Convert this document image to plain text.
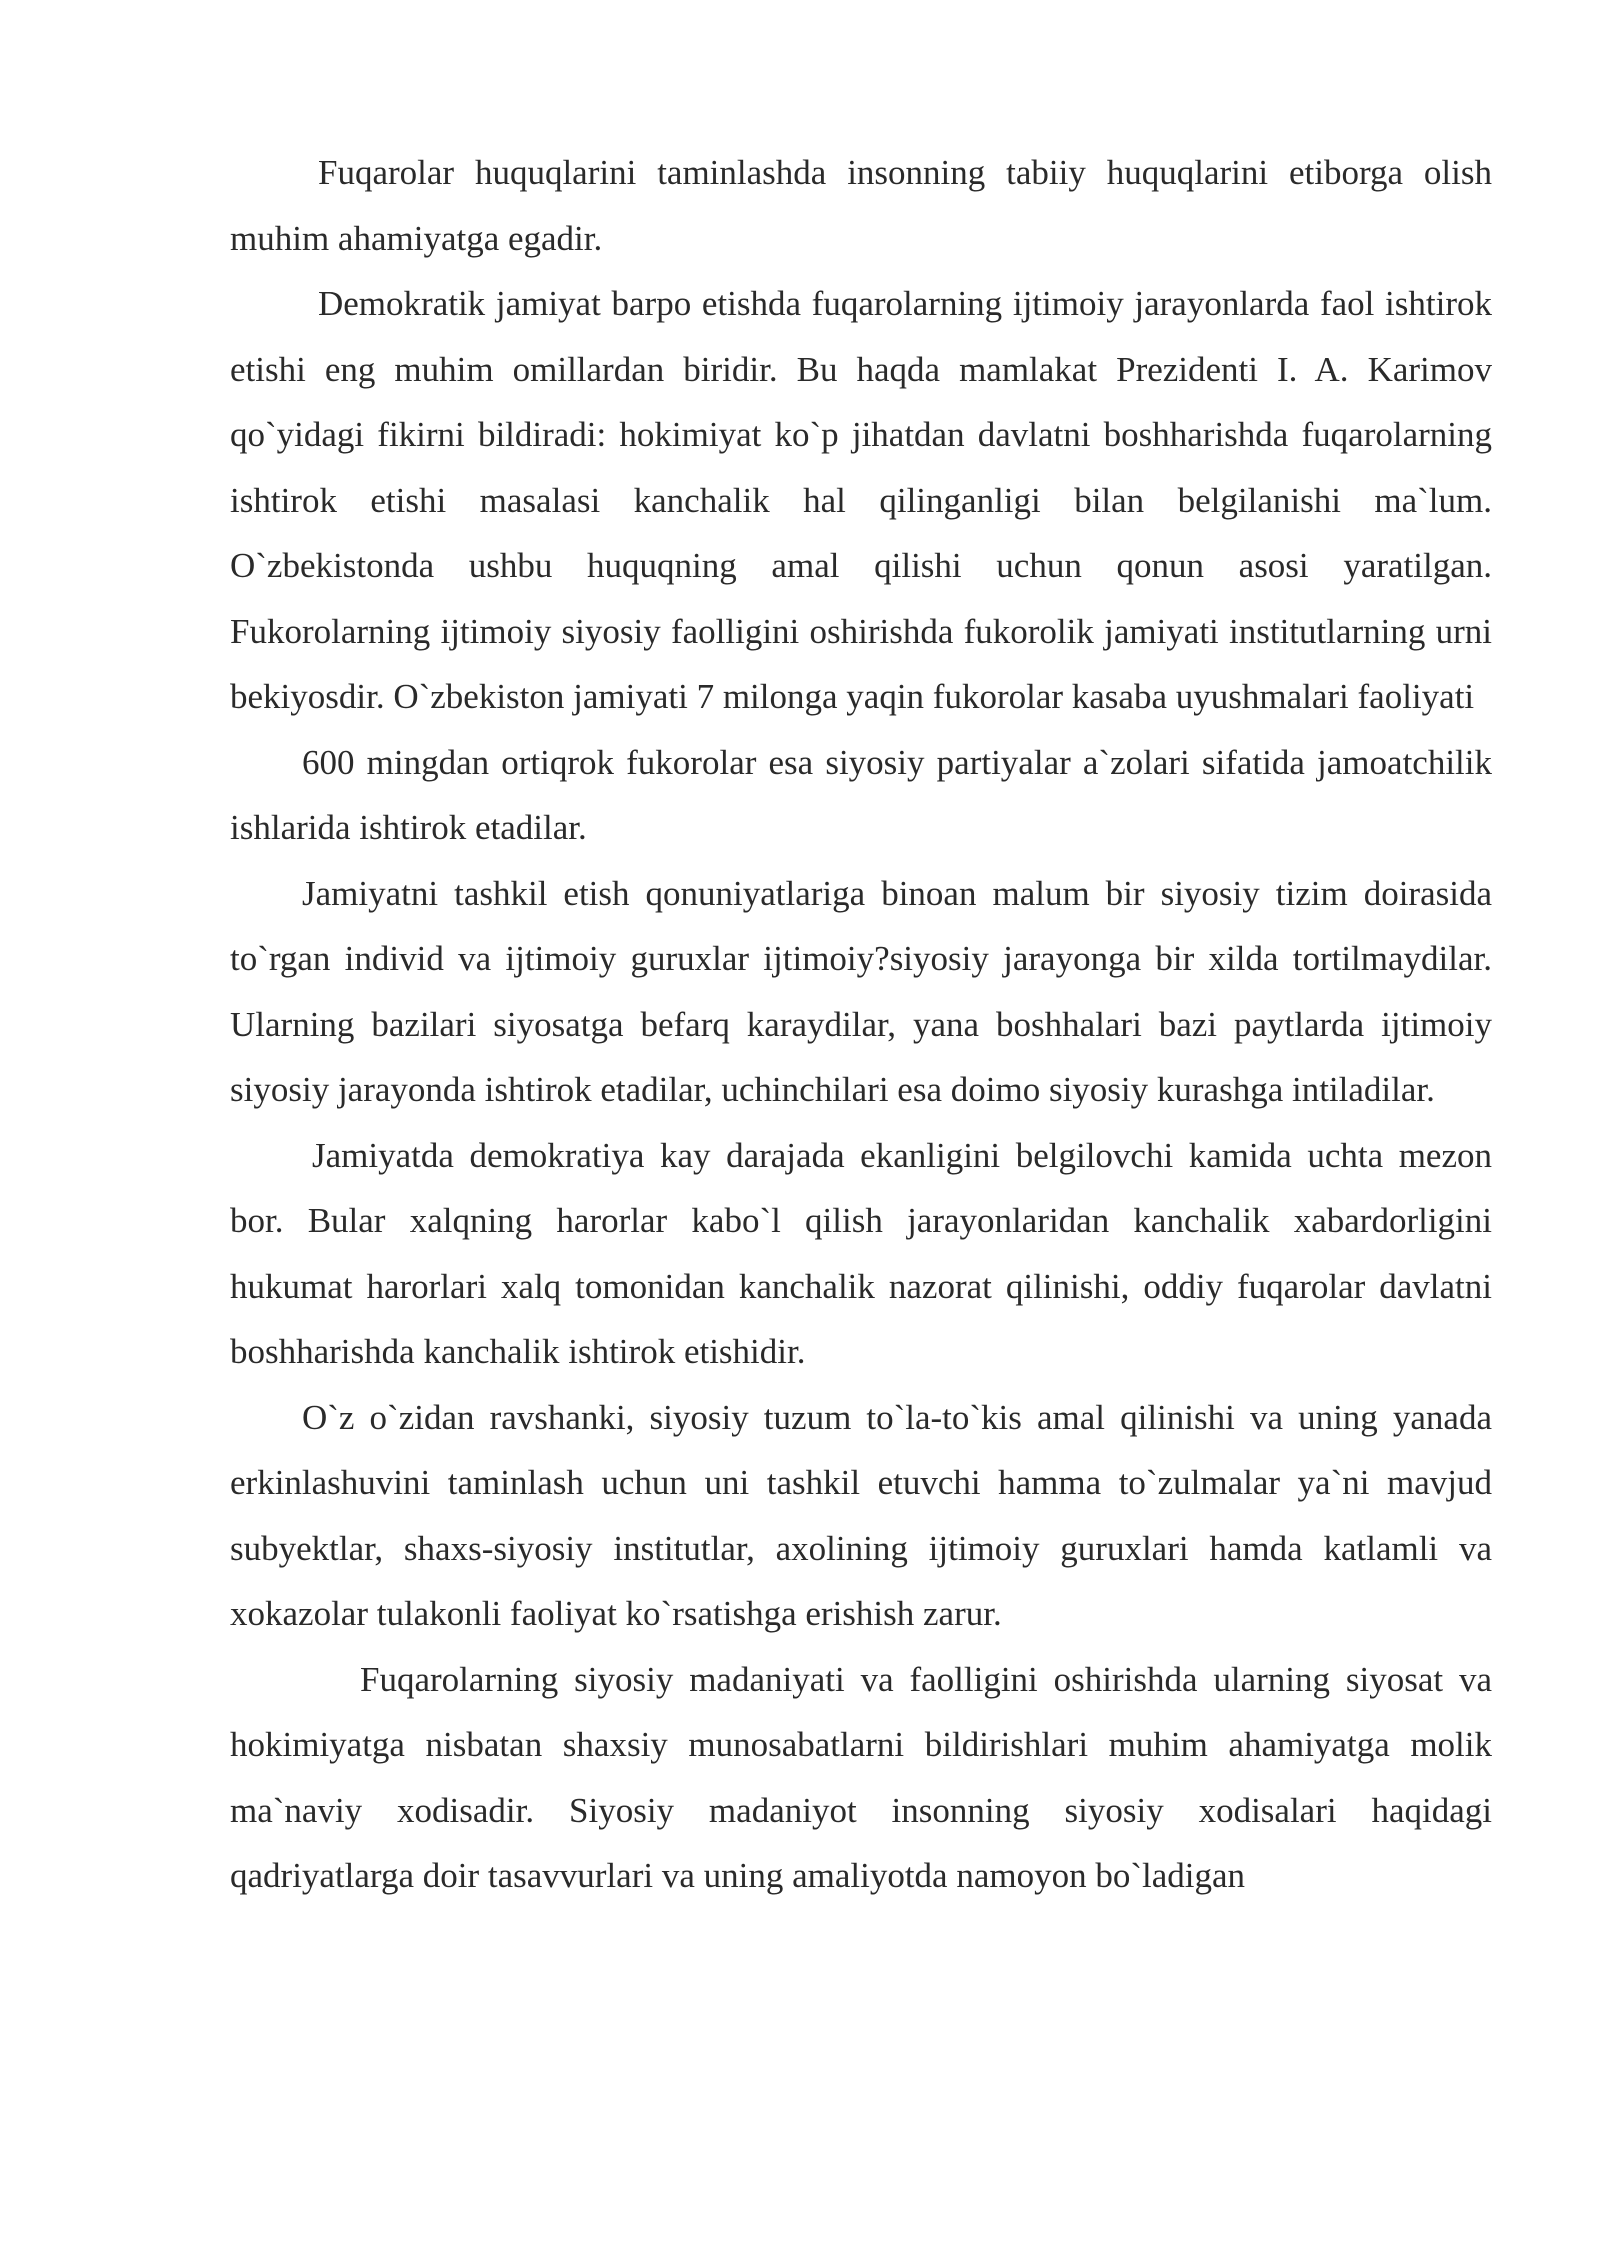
Fuqarolar huquqlarini taminlashda insonning tabiiy huquqlarini etiborga olish muhim ahamiyatga egadir.

Demokratik jamiyat barpo etishda fuqarolarning ijtimoiy jarayonlarda faol ishtirok etishi eng muhim omillardan biridir. Bu haqda mamlakat Prezidenti I. A. Karimov qo`yidagi fikirni bildiradi: hokimiyat ko`p jihatdan davlatni boshharishda fuqarolarning ishtirok etishi masalasi kanchalik hal qilinganligi bilan belgilanishi ma`lum. O`zbekistonda ushbu huquqning amal qilishi uchun qonun asosi yaratilgan. Fukorolarning ijtimoiy siyosiy faolligini oshirishda fukorolik jamiyati institutlarning urni bekiyosdir. O`zbekiston jamiyati 7 milonga yaqin fukorolar kasaba uyushmalari faoliyati

600 mingdan ortiqrok fukorolar esa siyosiy partiyalar a`zolari sifatida jamoatchilik ishlarida ishtirok etadilar.

Jamiyatni tashkil etish qonuniyatlariga binoan malum bir siyosiy tizim doirasida to`rgan individ va ijtimoiy guruxlar ijtimoiy?siyosiy jarayonga bir xilda tortilmaydilar. Ularning bazilari siyosatga befarq karaydilar, yana boshhalari bazi paytlarda ijtimoiy siyosiy jarayonda ishtirok etadilar, uchinchilari esa doimo siyosiy kurashga intiladilar.

Jamiyatda demokratiya kay darajada ekanligini belgilovchi kamida uchta mezon bor. Bular xalqning harorlar kabo`l qilish jarayonlaridan kanchalik xabardorligini hukumat harorlari xalq tomonidan kanchalik nazorat qilinishi, oddiy fuqarolar davlatni boshharishda kanchalik ishtirok etishidir.

O`z o`zidan ravshanki, siyosiy tuzum to`la-to`kis amal qilinishi va uning yanada erkinlashuvini taminlash uchun uni tashkil etuvchi hamma to`zulmalar ya`ni mavjud subyektlar, shaxs-siyosiy institutlar, axolining ijtimoiy guruxlari hamda katlamli va xokazolar tulakonli faoliyat ko`rsatishga erishish zarur.

Fuqarolarning siyosiy madaniyati va faolligini oshirishda ularning siyosat va hokimiyatga nisbatan shaxsiy munosabatlarni bildirishlari muhim ahamiyatga molik ma`naviy xodisadir. Siyosiy madaniyot insonning siyosiy xodisalari haqidagi qadriyatlarga doir tasavvurlari va uning amaliyotda namoyon bo`ladigan
